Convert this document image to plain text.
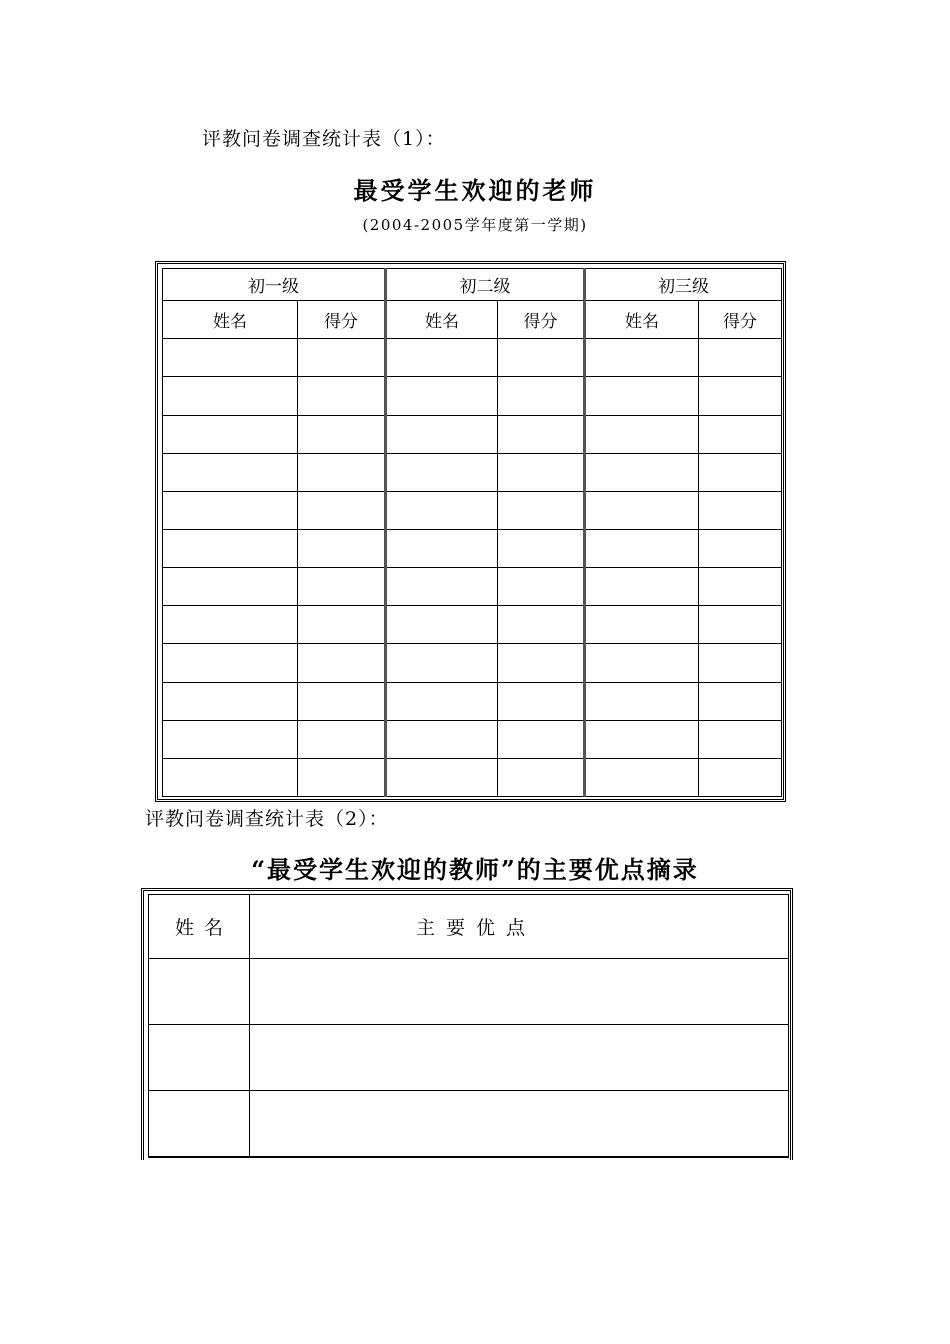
评教问卷调查统计表（1）：
最受学生欢迎的老师
(2004-2005学年度第一学期)
初一级		初二级		初三级	
姓名	得分	姓名	得分	姓名	得分

评教问卷调查统计表（2）：
“最受学生欢迎的教师”的主要优点摘录
姓名	主要优点
